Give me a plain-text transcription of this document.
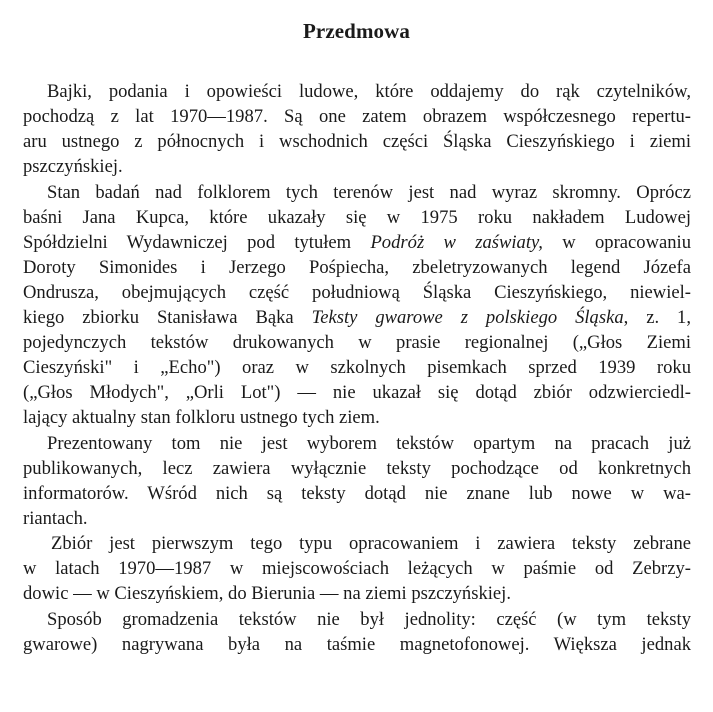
Przedmowa
Bajki, podania i opowieści ludowe, które oddajemy do rąk czytelników,
pochodzą z lat 1970—1987. Są one zatem obrazem współczesnego repertu-
aru ustnego z północnych i wschodnich części Śląska Cieszyńskiego i ziemi
pszczyńskiej.
Stan badań nad folklorem tych terenów jest nad wyraz skromny. Oprócz
baśni Jana Kupca, które ukazały się w 1975 roku nakładem Ludowej
Spółdzielni Wydawniczej pod tytułem Podróż w zaświaty, w opracowaniu
Doroty Simonides i Jerzego Pośpiecha, zbeletryzowanych legend Józefa
Ondrusza, obejmujących część południową Śląska Cieszyńskiego, niewiel-
kiego zbiorku Stanisława Bąka Teksty gwarowe z polskiego Śląska, z. 1,
pojedynczych tekstów drukowanych w prasie regionalnej („Głos Ziemi
Cieszyński" i „Echo") oraz w szkolnych pisemkach sprzed 1939 roku
(„Głos Młodych", „Orli Lot") — nie ukazał się dotąd zbiór odzwierciedl-
lający aktualny stan folkloru ustnego tych ziem.
Prezentowany tom nie jest wyborem tekstów opartym na pracach już
publikowanych, lecz zawiera wyłącznie teksty pochodzące od konkretnych
informatorów. Wśród nich są teksty dotąd nie znane lub nowe w wa-
riantach.
Zbiór jest pierwszym tego typu opracowaniem i zawiera teksty zebrane
w latach 1970—1987 w miejscowościach leżących w paśmie od Zebrzy-
dowic — w Cieszyńskiem, do Bierunia — na ziemi pszczyńskiej.
Sposób gromadzenia tekstów nie był jednolity: część (w tym teksty
gwarowe) nagrywana była na taśmie magnetofonowej. Większa jednak
